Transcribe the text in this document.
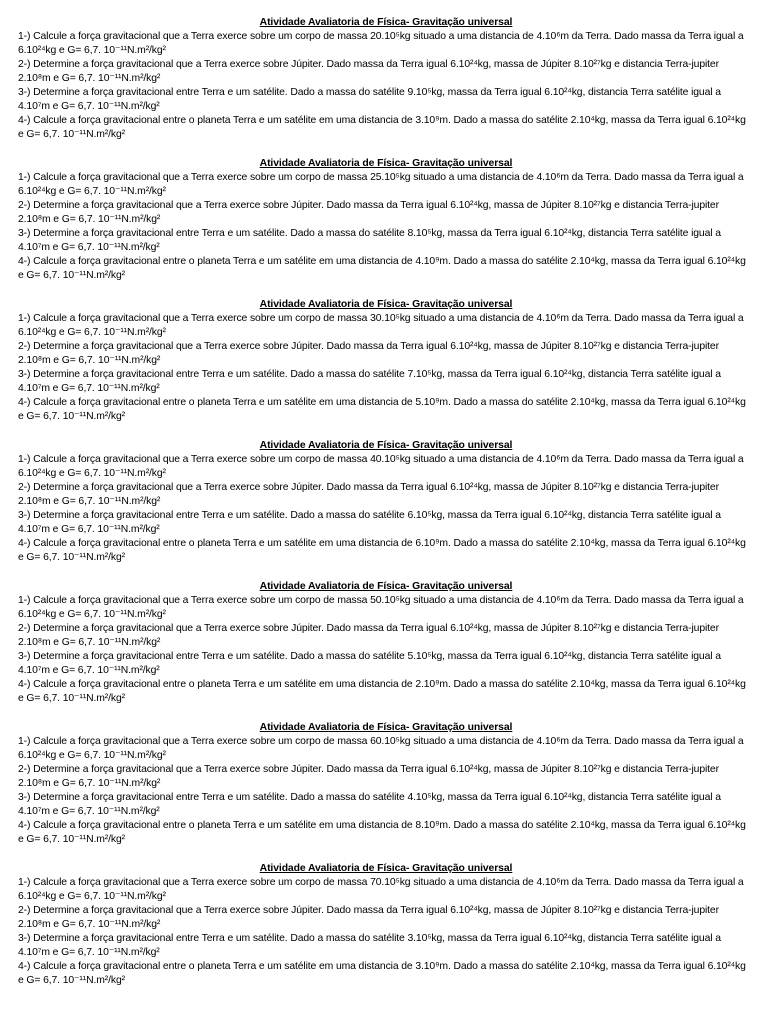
Atividade Avaliatoria de Física- Gravitação universal

1-) Calcule a força gravitacional que a Terra exerce sobre um corpo de massa 20.10⁵kg situado a uma distancia de 4.10⁶m da Terra. Dado massa da Terra igual a 6.10²⁴kg e G= 6,7. 10⁻¹¹N.m²/kg²

2-) Determine a força gravitacional que a Terra exerce sobre Júpiter. Dado massa da Terra igual 6.10²⁴kg, massa de Júpiter 8.10²⁷kg e distancia Terra-jupiter 2.10⁸m e G= 6,7. 10⁻¹¹N.m²/kg²

3-) Determine a força gravitacional entre Terra e um satélite. Dado a massa do satélite 9.10⁵kg, massa da Terra igual 6.10²⁴kg, distancia Terra satélite igual a 4.10⁷m e G= 6,7. 10⁻¹¹N.m²/kg²

4-) Calcule a força gravitacional entre o planeta Terra e um satélite em uma distancia de 3.10⁹m. Dado a massa do satélite 2.10⁴kg, massa da Terra igual 6.10²⁴kg e G= 6,7. 10⁻¹¹N.m²/kg²

Atividade Avaliatoria de Física- Gravitação universal

1-) Calcule a força gravitacional que a Terra exerce sobre um corpo de massa 25.10⁵kg situado a uma distancia de 4.10⁶m da Terra. Dado massa da Terra igual a 6.10²⁴kg e G= 6,7. 10⁻¹¹N.m²/kg²

2-) Determine a força gravitacional que a Terra exerce sobre Júpiter. Dado massa da Terra igual 6.10²⁴kg, massa de Júpiter 8.10²⁷kg e distancia Terra-jupiter 2.10⁸m e G= 6,7. 10⁻¹¹N.m²/kg²

3-) Determine a força gravitacional entre Terra e um satélite. Dado a massa do satélite 8.10⁵kg, massa da Terra igual 6.10²⁴kg, distancia Terra satélite igual a 4.10⁷m e G= 6,7. 10⁻¹¹N.m²/kg²

4-) Calcule a força gravitacional entre o planeta Terra e um satélite em uma distancia de 4.10⁹m. Dado a massa do satélite 2.10⁴kg, massa da Terra igual 6.10²⁴kg e G= 6,7. 10⁻¹¹N.m²/kg²

Atividade Avaliatoria de Física- Gravitação universal

1-) Calcule a força gravitacional que a Terra exerce sobre um corpo de massa 30.10⁵kg situado a uma distancia de 4.10⁶m da Terra. Dado massa da Terra igual a 6.10²⁴kg e G= 6,7. 10⁻¹¹N.m²/kg²

2-) Determine a força gravitacional que a Terra exerce sobre Júpiter. Dado massa da Terra igual 6.10²⁴kg, massa de Júpiter 8.10²⁷kg e distancia Terra-jupiter 2.10⁸m e G= 6,7. 10⁻¹¹N.m²/kg²

3-) Determine a força gravitacional entre Terra e um satélite. Dado a massa do satélite 7.10⁵kg, massa da Terra igual 6.10²⁴kg, distancia Terra satélite igual a 4.10⁷m e G= 6,7. 10⁻¹¹N.m²/kg²

4-) Calcule a força gravitacional entre o planeta Terra e um satélite em uma distancia de 5.10⁹m. Dado a massa do satélite 2.10⁴kg, massa da Terra igual 6.10²⁴kg e G= 6,7. 10⁻¹¹N.m²/kg²

Atividade Avaliatoria de Física- Gravitação universal

1-) Calcule a força gravitacional que a Terra exerce sobre um corpo de massa 40.10⁵kg situado a uma distancia de 4.10⁶m da Terra. Dado massa da Terra igual a 6.10²⁴kg e G= 6,7. 10⁻¹¹N.m²/kg²

2-) Determine a força gravitacional que a Terra exerce sobre Júpiter. Dado massa da Terra igual 6.10²⁴kg, massa de Júpiter 8.10²⁷kg e distancia Terra-jupiter 2.10⁸m e G= 6,7. 10⁻¹¹N.m²/kg²

3-) Determine a força gravitacional entre Terra e um satélite. Dado a massa do satélite 6.10⁵kg, massa da Terra igual 6.10²⁴kg, distancia Terra satélite igual a 4.10⁷m e G= 6,7. 10⁻¹¹N.m²/kg²

4-) Calcule a força gravitacional entre o planeta Terra e um satélite em uma distancia de 6.10⁹m. Dado a massa do satélite 2.10⁴kg, massa da Terra igual 6.10²⁴kg e G= 6,7. 10⁻¹¹N.m²/kg²

Atividade Avaliatoria de Física- Gravitação universal

1-) Calcule a força gravitacional que a Terra exerce sobre um corpo de massa 50.10⁵kg situado a uma distancia de 4.10⁶m da Terra. Dado massa da Terra igual a 6.10²⁴kg e G= 6,7. 10⁻¹¹N.m²/kg²

2-) Determine a força gravitacional que a Terra exerce sobre Júpiter. Dado massa da Terra igual 6.10²⁴kg, massa de Júpiter 8.10²⁷kg e distancia Terra-jupiter 2.10⁸m e G= 6,7. 10⁻¹¹N.m²/kg²

3-) Determine a força gravitacional entre Terra e um satélite. Dado a massa do satélite 5.10⁵kg, massa da Terra igual 6.10²⁴kg, distancia Terra satélite igual a 4.10⁷m e G= 6,7. 10⁻¹¹N.m²/kg²

4-) Calcule a força gravitacional entre o planeta Terra e um satélite em uma distancia de 2.10⁹m. Dado a massa do satélite 2.10⁴kg, massa da Terra igual 6.10²⁴kg e G= 6,7. 10⁻¹¹N.m²/kg²

Atividade Avaliatoria de Física- Gravitação universal

1-) Calcule a força gravitacional que a Terra exerce sobre um corpo de massa 60.10⁵kg situado a uma distancia de 4.10⁶m da Terra. Dado massa da Terra igual a 6.10²⁴kg e G= 6,7. 10⁻¹¹N.m²/kg²

2-) Determine a força gravitacional que a Terra exerce sobre Júpiter. Dado massa da Terra igual 6.10²⁴kg, massa de Júpiter 8.10²⁷kg e distancia Terra-jupiter 2.10⁸m e G= 6,7. 10⁻¹¹N.m²/kg²

3-) Determine a força gravitacional entre Terra e um satélite. Dado a massa do satélite 4.10⁵kg, massa da Terra igual 6.10²⁴kg, distancia Terra satélite igual a 4.10⁷m e G= 6,7. 10⁻¹¹N.m²/kg²

4-) Calcule a força gravitacional entre o planeta Terra e um satélite em uma distancia de 8.10⁹m. Dado a massa do satélite 2.10⁴kg, massa da Terra igual 6.10²⁴kg e G= 6,7. 10⁻¹¹N.m²/kg²

Atividade Avaliatoria de Física- Gravitação universal

1-) Calcule a força gravitacional que a Terra exerce sobre um corpo de massa 70.10⁵kg situado a uma distancia de 4.10⁶m da Terra. Dado massa da Terra igual a 6.10²⁴kg e G= 6,7. 10⁻¹¹N.m²/kg²

2-) Determine a força gravitacional que a Terra exerce sobre Júpiter. Dado massa da Terra igual 6.10²⁴kg, massa de Júpiter 8.10²⁷kg e distancia Terra-jupiter 2.10⁸m e G= 6,7. 10⁻¹¹N.m²/kg²

3-) Determine a força gravitacional entre Terra e um satélite. Dado a massa do satélite 3.10⁵kg, massa da Terra igual 6.10²⁴kg, distancia Terra satélite igual a 4.10⁷m e G= 6,7. 10⁻¹¹N.m²/kg²

4-) Calcule a força gravitacional entre o planeta Terra e um satélite em uma distancia de 3.10⁹m. Dado a massa do satélite 2.10⁴kg, massa da Terra igual 6.10²⁴kg e G= 6,7. 10⁻¹¹N.m²/kg²
